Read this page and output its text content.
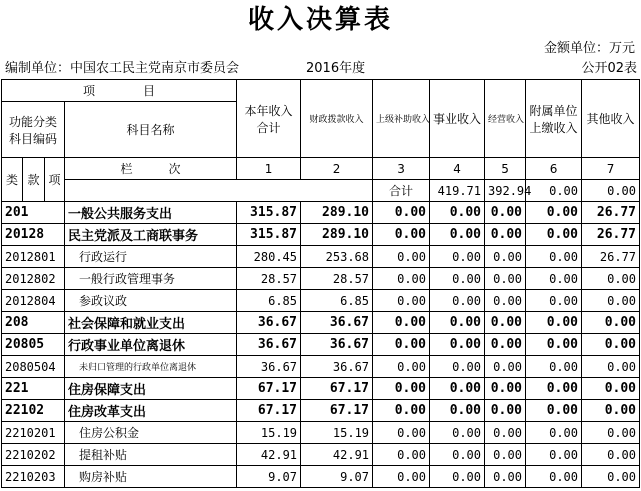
收入决算表
金额单位：万元
编制单位：中国农工民主党南京市委员会	2016年度	公开02表
项　　　　目				本年收入合计	财政拨款收入	上级补助收入	事业收入	经营收入	附属单位上缴收入	其他收入	
功能分类科目编码			科目名称								

类	款	项	栏　　　次	1	2	3	4	5	6	7	
						合计	419.71	392.94	0.00	0.00			
201			一般公共服务支出	315.87	289.10	0.00	0.00	0.00	0.00	26.77	
20128			民主党派及工商联事务	315.87	289.10	0.00	0.00	0.00	0.00	26.77	
2012801			行政运行	280.45	253.68	0.00	0.00	0.00	0.00	26.77	
2012802			一般行政管理事务	28.57	28.57	0.00	0.00	0.00	0.00	0.00	
2012804			参政议政	6.85	6.85	0.00	0.00	0.00	0.00	0.00	
208			社会保障和就业支出	36.67	36.67	0.00	0.00	0.00	0.00	0.00	
20805			行政事业单位离退休	36.67	36.67	0.00	0.00	0.00	0.00	0.00	
2080504			未归口管理的行政单位离退休	36.67	36.67	0.00	0.00	0.00	0.00	0.00	
221			住房保障支出	67.17	67.17	0.00	0.00	0.00	0.00	0.00	
22102			住房改革支出	67.17	67.17	0.00	0.00	0.00	0.00	0.00	
2210201			住房公积金	15.19	15.19	0.00	0.00	0.00	0.00	0.00	
2210202			提租补贴	42.91	42.91	0.00	0.00	0.00	0.00	0.00	
2210203			购房补贴	9.07	9.07	0.00	0.00	0.00	0.00	0.00	
